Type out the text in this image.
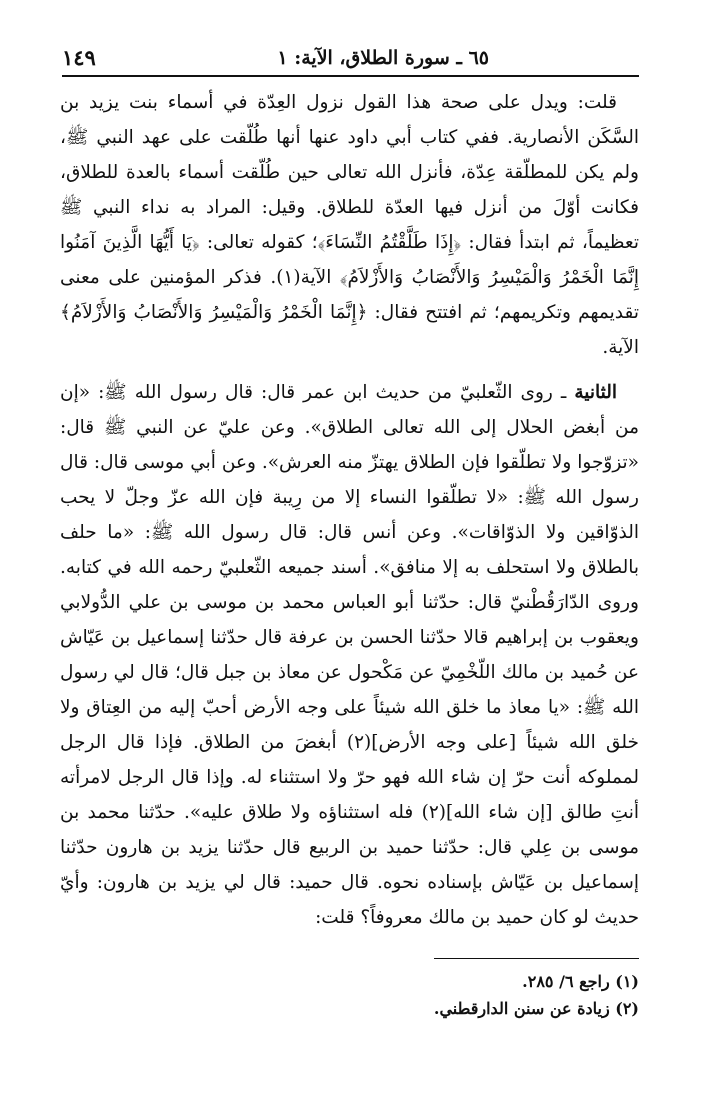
١٤٩	٦٥ ـ سورة الطلاق، الآية: ١

قلت: ويدل على صحة هذا القول نزول العِدّة في أسماء بنت يزيد بن السَّكَن الأنصارية. ففي كتاب أبي داود عنها أنها طُلّقت على عهد النبي ﷺ، ولم يكن للمطلّقة عِدّة، فأنزل الله تعالى حين طُلّقت أسماء بالعدة للطلاق، فكانت أوّلَ من أنزل فيها العدّة للطلاق. وقيل: المراد به نداء النبي ﷺ تعظيماً، ثم ابتدأ فقال: ﴿إِذَا طَلَّقْتُمُ النِّسَاءَ﴾؛ كقوله تعالى: ﴿يَا أَيُّهَا الَّذِينَ آمَنُوا إِنَّمَا الْخَمْرُ وَالْمَيْسِرُ وَالأَنْصَابُ وَالأَزْلاَمُ﴾ الآية(١). فذكر المؤمنين على معنى تقديمهم وتكريمهم؛ ثم افتتح فقال: ﴿إِنَّمَا الْخَمْرُ وَالْمَيْسِرُ وَالأَنْصَابُ وَالأَزْلاَمُ﴾ الآية.

الثانية ـ روى الثّعلبيّ من حديث ابن عمر قال: قال رسول الله ﷺ: «إن من أبغض الحلال إلى الله تعالى الطلاق». وعن عليّ عن النبي ﷺ قال: «تزوّجوا ولا تطلّقوا فإن الطلاق يهتزّ منه العرش». وعن أبي موسى قال: قال رسول الله ﷺ: «لا تطلّقوا النساء إلا من رِيبة فإن الله عزّ وجلّ لا يحب الذوّاقين ولا الذوّاقات». وعن أنس قال: قال رسول الله ﷺ: «ما حلف بالطلاق ولا استحلف به إلا منافق». أسند جميعه الثّعلبيّ رحمه الله في كتابه. وروى الدّارَقُطْنيّ قال: حدّثنا أبو العباس محمد بن موسى بن علي الدُّولابي ويعقوب بن إبراهيم قالا حدّثنا الحسن بن عرفة قال حدّثنا إسماعيل بن عَيّاش عن حُميد بن مالك اللّخْمِيّ عن مَكْحول عن معاذ بن جبل قال؛ قال لي رسول الله ﷺ: «يا معاذ ما خلق الله شيئاً على وجه الأرض أحبّ إليه من العِتاق ولا خلق الله شيئاً [على وجه الأرض](٢) أبغضَ من الطلاق. فإذا قال الرجل لمملوكه أنت حرّ إن شاء الله فهو حرّ ولا استثناء له. وإذا قال الرجل لامرأته أنتِ طالق [إن شاء الله](٢) فله استثناؤه ولا طلاق عليه». حدّثنا محمد بن موسى بن عِلي قال: حدّثنا حميد بن الربيع قال حدّثنا يزيد بن هارون حدّثنا إسماعيل بن عَيّاش بإسناده نحوه. قال حميد: قال لي يزيد بن هارون: وأيّ حديث لو كان حميد بن مالك معروفاً؟ قلت:

(١) راجع ٦/ ٢٨٥.

(٢) زيادة عن سنن الدارقطني.
